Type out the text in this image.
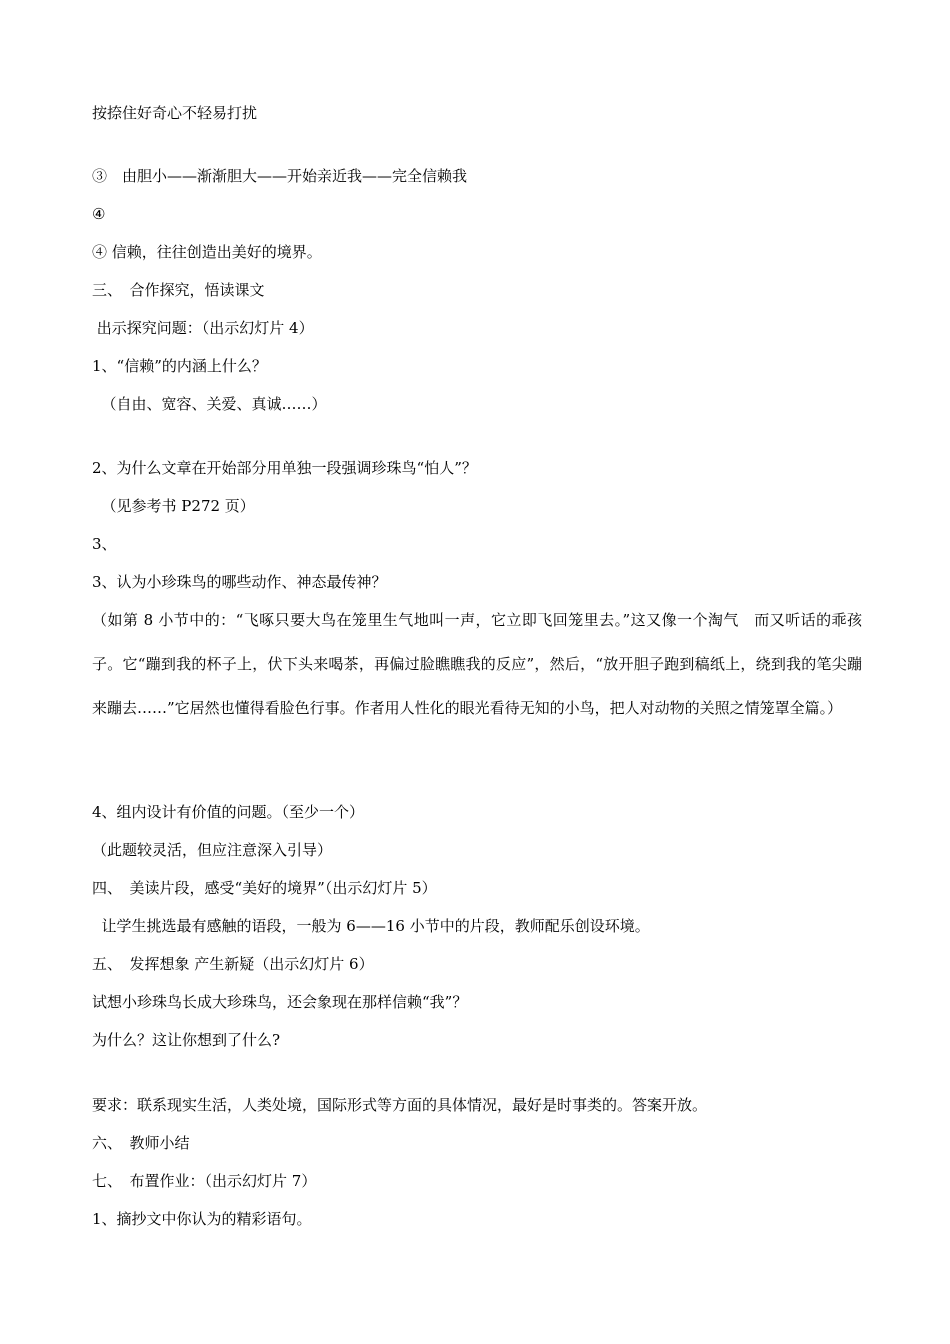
按捺住好奇心不轻易打扰
③　由胆小——渐渐胆大——开始亲近我——完全信赖我
④
④ 信赖，往往创造出美好的境界。
三、　合作探究，悟读课文
出示探究问题：（出示幻灯片 4）
1、“信赖”的内涵上什么？
（自由、宽容、关爱、真诚……）
2、为什么文章在开始部分用单独一段强调珍珠鸟“怕人”？
（见参考书 P272 页）
3、
3、认为小珍珠鸟的哪些动作、神态最传神？
（如第 8 小节中的：“飞啄只要大鸟在笼里生气地叫一声，它立即飞回笼里去。”这又像一个淘气　而又听话的乖孩子。它“蹦到我的杯子上，伏下头来喝茶，再偏过脸瞧瞧我的反应”，然后，“放开胆子跑到稿纸上，绕到我的笔尖蹦来蹦去……”它居然也懂得看脸色行事。作者用人性化的眼光看待无知的小鸟，把人对动物的关照之情笼罩全篇。）
4、组内设计有价值的问题。（至少一个）
（此题较灵活，但应注意深入引导）
四、　美读片段，感受“美好的境界”（出示幻灯片 5）
让学生挑选最有感触的语段，一般为 6——16 小节中的片段，教师配乐创设环境。
五、　发挥想象 产生新疑（出示幻灯片 6）
试想小珍珠鸟长成大珍珠鸟，还会象现在那样信赖“我”？
为什么？这让你想到了什么?
要求：联系现实生活，人类处境，国际形式等方面的具体情况，最好是时事类的。答案开放。
六、　教师小结
七、　布置作业：（出示幻灯片 7）
1、摘抄文中你认为的精彩语句。
